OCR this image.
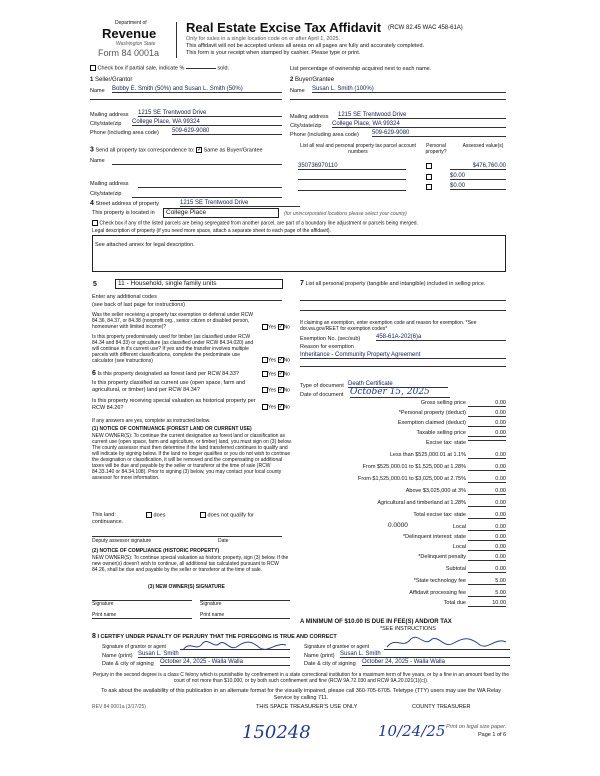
Department of
Revenue
Washington State
Form 84 0001a
Real Estate Excise Tax Affidavit (RCW 82.45 WAC 458-61A)
Only for sales in a single location code on or after April 1, 2025.
This affidavit will not be accepted unless all areas on all pages are fully and accurately completed.
This form is your receipt when stamped by cashier. Please type or print.
Check box if partial sale, indicate %	sold.	List percentage of ownership acquired next to each name.
1 Seller/Grantor
Name Bobby E. Smith (50%) and Susan L. Smith (50%)
Mailing address 1215 SE Trentwood Drive
City/state/zip College Place, WA 99324
Phone (including area code) 509-629-9080
2 Buyer/Grantee
Name Susan L. Smith (100%)
Mailing address 1215 SE Trentwood Drive
City/state/zip College Place, WA 99324
Phone (including area code) 509-629-9080
3 Send all property tax correspondence to: ✓ Same as Buyer/Grantee
Name
Mailing address
City/state/zip
List all real and personal property tax parcel account numbers
Personal property?
Assessed value(s)
350736970110	$476,760.00
$0.00
$0.00
4 Street address of property	1215 SE Trentwood Drive
This property is located in	College Place	(for unincorporated locations please select your county)
Check box if any of the listed parcels are being segregated from another parcel, are part of a boundary line adjustment or parcels being merged.
Legal description of property (if you need more space, attach a separate sheet to each page of the affidavit).
See attached annex for legal description.
5	11 - Household, single family units
Enter any additional codes
(see back of last page for instructions)
Was the seller receiving a property tax exemption or deferral under RCW 84.36, 84.37, or 84.38 (nonprofit org., senior citizen or disabled person, homeowner with limited income)?	Yes ✓ No
Is this property predominately used for timber (as classified under RCW 84.34 and 84.33) or agriculture (as classified under RCW 84.34.020) and will continue in it's current use? If yes and the transfer involves multiple parcels with different classifications, complete the predominate use calculator (see instructions)	Yes ✓ No
6 Is this property designated as forest land per RCW 84.33?	Yes ✓ No
Is this property classified as current use (open space, farm and agricultural, or timber) land per RCW 84.34?	Yes ✓ No
Is this property receiving special valuation as historical property per RCW 84.26?	Yes ✓ No
If any answers are yes, complete as instructed below.
(1) NOTICE OF CONTINUANCE (FOREST LAND OR CURRENT USE)
NEW OWNER(S): To continue the current designation as forest land or classification as current use (open space, farm and agriculture, or timber) land, you must sign on (3) below. The county assessor must then determine if the land transferred continues to qualify and will indicate by signing below. If the land no longer qualifies or you do not wish to continue the designation or classification, it will be removed and the compensating or additional taxes will be due and payable by the seller or transferor at the time of sale (RCW 84.33.140 or 84.34.108). Prior to signing (3) below, you may contact your local county assessor for more information.
This land:	does	does not qualify for
continuance.
Deputy assessor signature	Date
(2) NOTICE OF COMPLIANCE (HISTORIC PROPERTY)
NEW OWNER(S): To continue special valuation as historic property, sign (3) below. If the new owner(s) doesn't wish to continue, all additional tax calculated pursuant to RCW 84.26, shall be due and payable by the seller or transferor at the time of sale.
(3) NEW OWNER(S) SIGNATURE
Signature	Signature
Print name	Print name
7 List all personal property (tangible and intangible) included in selling price.
If claiming an exemption, enter exemption code and reason for exemption. *See dor.wa.gov/REET for exemption codes*
Exemption No. (sec/sub)	458-61A-202(6)a
Reason for exemption
Inheritance - Community Property Agreement
Type of document Death Certificate
Date of document October 15, 2025
Gross selling price	0.00
*Personal property (deduct)	0.00
Exemption claimed (deduct)	0.00
Taxable selling price	0.00
Excise tax: state
Less than $525,000.01 at 1.1%	0.00
From $525,000.01 to $1,525,000 at 1.28%	0.00
From $1,525,000.01 to $3,025,000 at 2.75%	0.00
Above $3,025,000 at 3%	0.00
Agricultural and timberland at 1.28%	0.00
Total excise tax: state	0.00
Local	0.00
*Delinquent interest: state	0.00
Local	0.00
*Delinquent penalty	0.00
Subtotal	0.00
*State technology fee	5.00
Affidavit processing fee	5.00
Total due	10.00
0.0000
A MINIMUM OF $10.00 IS DUE IN FEE(S) AND/OR TAX
*SEE INSTRUCTIONS
8 I CERTIFY UNDER PENALTY OF PERJURY THAT THE FOREGOING IS TRUE AND CORRECT
Signature of grantor or agent
Name (print) Susan L. Smith
Date & city of signing October 24, 2025 - Walla Walla
Signature of grantee or agent
Name (print) Susan L. Smith
Date & city of signing October 24, 2025 - Walla Walla
Perjury in the second degree is a class C felony which is punishable by confinement in a state correctional institution for a maximum term of five years, or by a fine in an amount fixed by the court of not more than $10,000, or by both such confinement and fine (RCW 9A.72.030 and RCW 9A.20.021(1)(c)).
To ask about the availability of this publication in an alternate format for the visually impaired, please call 360-705-6705. Teletype (TTY) users may use the WA Relay Service by calling 711.
REV 84 0001a (3/17/25)	THIS SPACE TREASURER'S USE ONLY	COUNTY TREASURER
150248	10/24/25 Print on legal size paper.
Page 1 of 6
